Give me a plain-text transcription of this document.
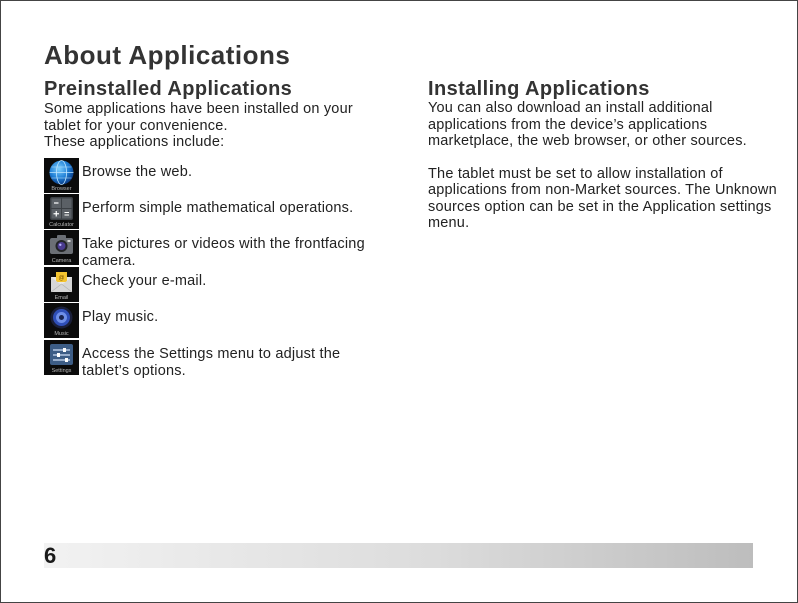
About Applications
Preinstalled Applications

Some applications have been installed on your tablet for your convenience.

These applications include:

Browser
Browse the web.
Calculator
Perform simple mathematical operations.
Camera
Take pictures or videos with the frontfacing camera.
@
Email
Check your e-mail.
Music
Play music.
Settings
Access the Settings menu to adjust the tablet’s options.
Installing Applications

You can also download an install additional applications from the device’s applications marketplace, the web browser, or other sources.

The tablet must be set to allow installation of applications from non-Market sources. The Unknown sources option can be set in the Application settings menu.

6
